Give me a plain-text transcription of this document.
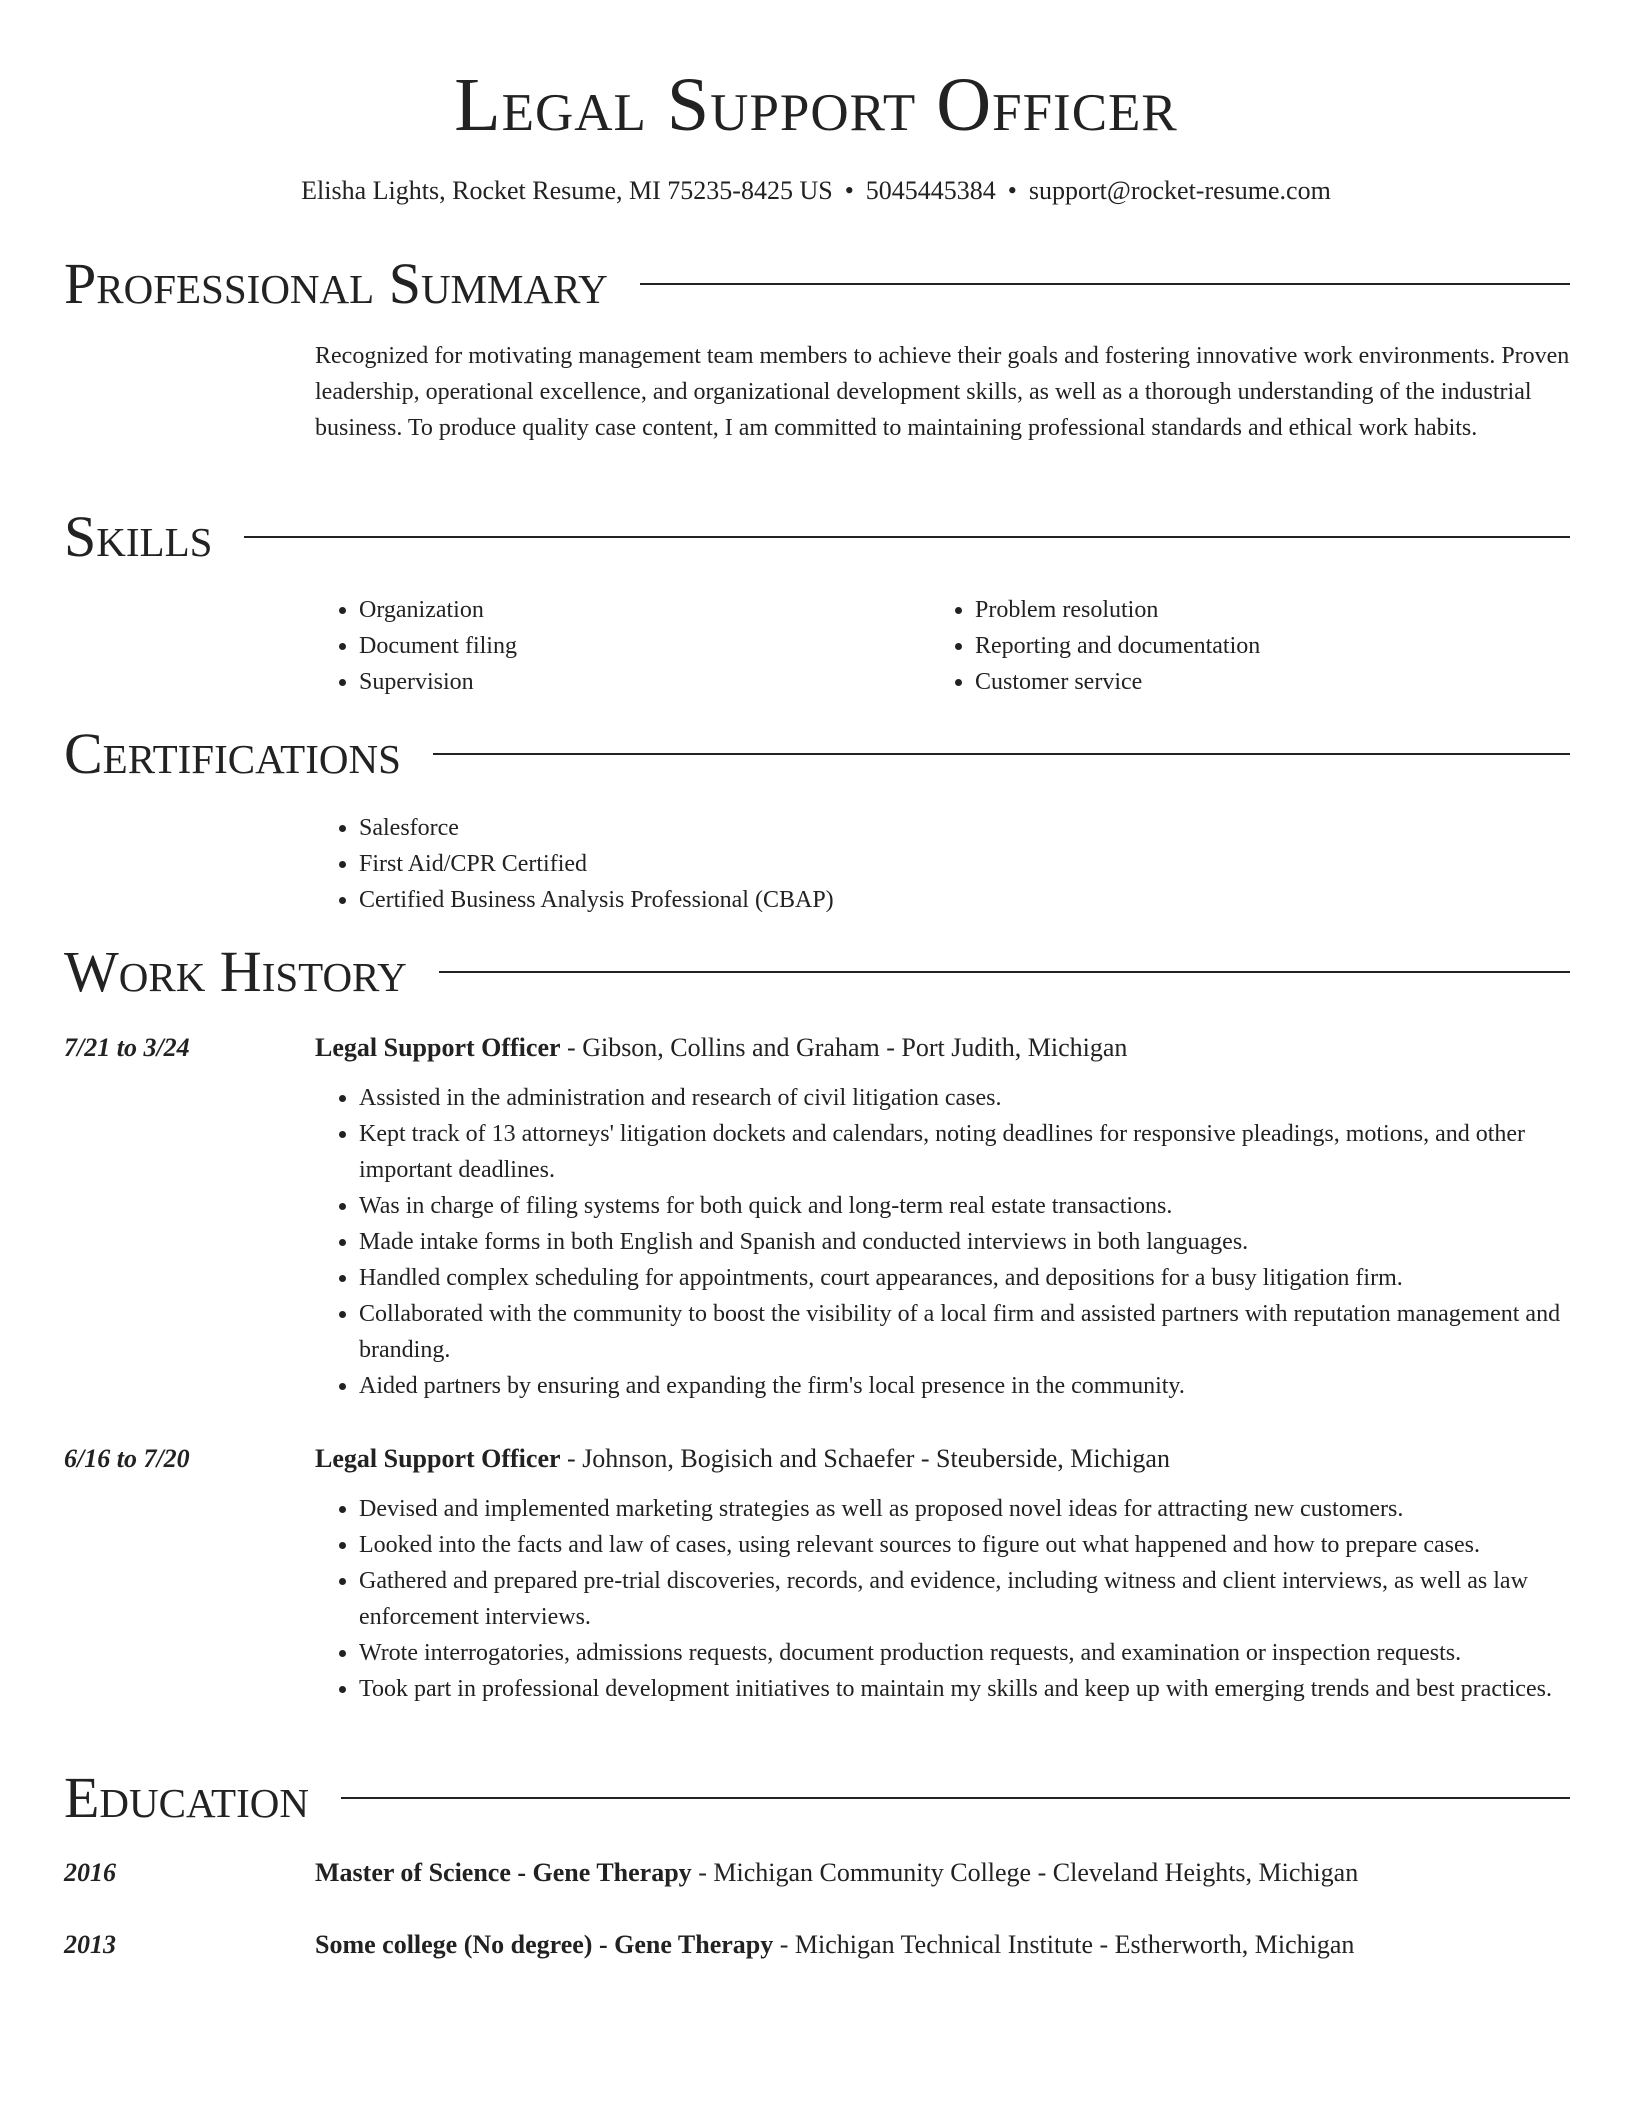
Legal Support Officer
Elisha Lights, Rocket Resume, MI 75235-8425 US • 5045445384 • support@rocket-resume.com
Professional Summary
Recognized for motivating management team members to achieve their goals and fostering innovative work environments. Proven leadership, operational excellence, and organizational development skills, as well as a thorough understanding of the industrial business. To produce quality case content, I am committed to maintaining professional standards and ethical work habits.
Skills
• Organization
• Document filing
• Supervision
• Problem resolution
• Reporting and documentation
• Customer service
Certifications
• Salesforce
• First Aid/CPR Certified
• Certified Business Analysis Professional (CBAP)
Work History
7/21 to 3/24	Legal Support Officer - Gibson, Collins and Graham - Port Judith, Michigan
• Assisted in the administration and research of civil litigation cases.
• Kept track of 13 attorneys' litigation dockets and calendars, noting deadlines for responsive pleadings, motions, and other important deadlines.
• Was in charge of filing systems for both quick and long-term real estate transactions.
• Made intake forms in both English and Spanish and conducted interviews in both languages.
• Handled complex scheduling for appointments, court appearances, and depositions for a busy litigation firm.
• Collaborated with the community to boost the visibility of a local firm and assisted partners with reputation management and branding.
• Aided partners by ensuring and expanding the firm's local presence in the community.
6/16 to 7/20	Legal Support Officer - Johnson, Bogisich and Schaefer - Steuberside, Michigan
• Devised and implemented marketing strategies as well as proposed novel ideas for attracting new customers.
• Looked into the facts and law of cases, using relevant sources to figure out what happened and how to prepare cases.
• Gathered and prepared pre-trial discoveries, records, and evidence, including witness and client interviews, as well as law enforcement interviews.
• Wrote interrogatories, admissions requests, document production requests, and examination or inspection requests.
• Took part in professional development initiatives to maintain my skills and keep up with emerging trends and best practices.
Education
2016	Master of Science - Gene Therapy - Michigan Community College - Cleveland Heights, Michigan
2013	Some college (No degree) - Gene Therapy - Michigan Technical Institute - Estherworth, Michigan
